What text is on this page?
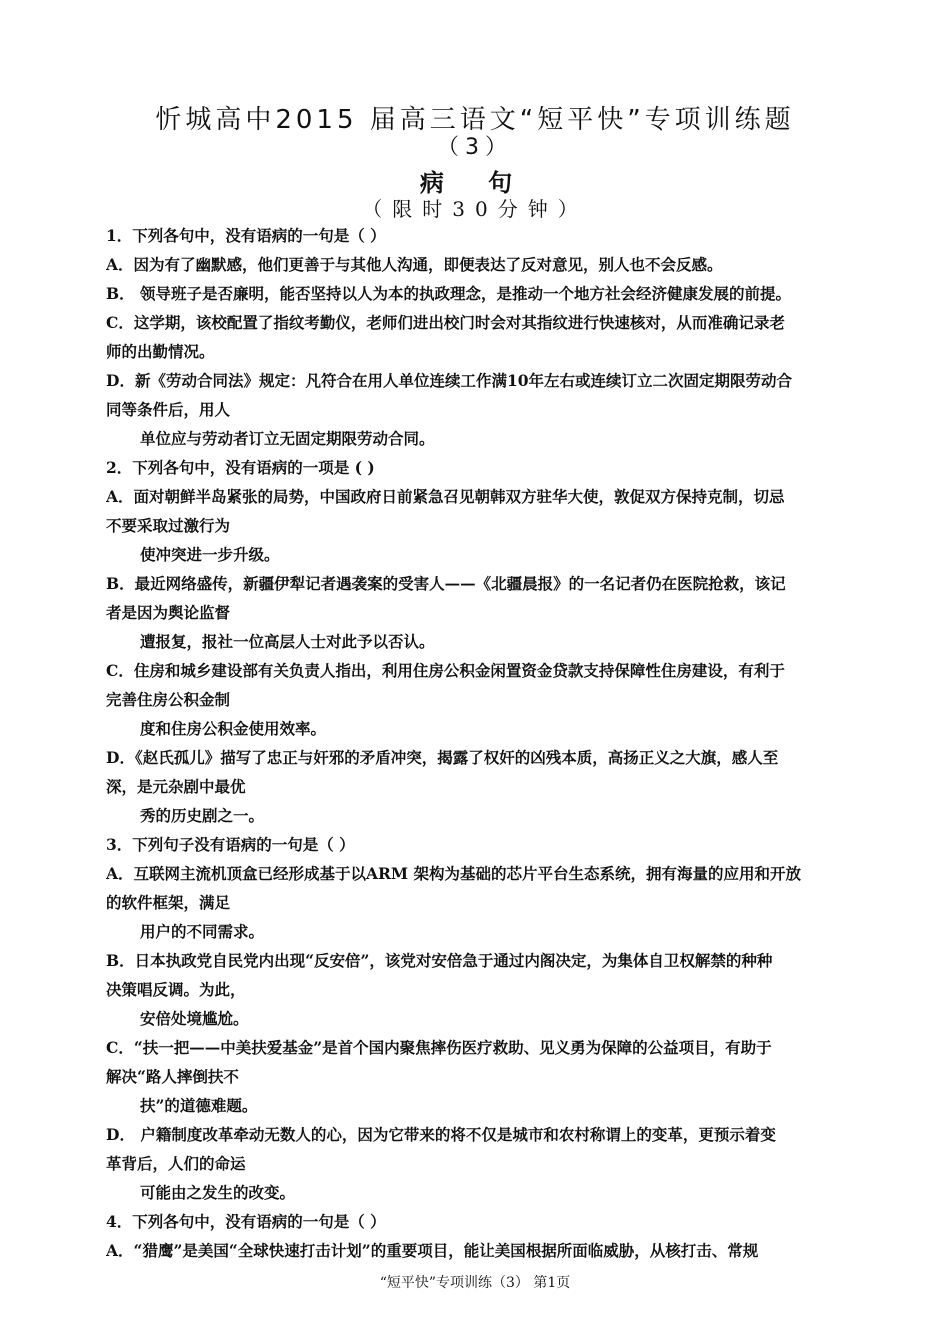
忻城高中2015 届高三语文“短平快”专项训练题
（3）
病 句
（限时30分钟）
1．下列各句中，没有语病的一句是（ ）
A．因为有了幽默感，他们更善于与其他人沟通，即便表达了反对意见，别人也不会反感。
B． 领导班子是否廉明，能否坚持以人为本的执政理念，是推动一个地方社会经济健康发展的前提。
C．这学期，该校配置了指纹考勤仪，老师们进出校门时会对其指纹进行快速核对，从而准确记录老
师的出勤情况。
D．新《劳动合同法》规定：凡符合在用人单位连续工作满10年左右或连续订立二次固定期限劳动合
同等条件后，用人
单位应与劳动者订立无固定期限劳动合同。
2．下列各句中，没有语病的一项是 ( )
A．面对朝鲜半岛紧张的局势，中国政府日前紧急召见朝韩双方驻华大使，敦促双方保持克制，切忌
不要采取过激行为
使冲突进一步升级。
B．最近网络盛传，新疆伊犁记者遇袭案的受害人——《北疆晨报》的一名记者仍在医院抢救，该记
者是因为舆论监督
遭报复，报社一位高层人士对此予以否认。
C．住房和城乡建设部有关负责人指出，利用住房公积金闲置资金贷款支持保障性住房建设，有利于
完善住房公积金制
度和住房公积金使用效率。
D．《赵氏孤儿》描写了忠正与奸邪的矛盾冲突，揭露了权奸的凶残本质，高扬正义之大旗，感人至
深，是元杂剧中最优
秀的历史剧之一。
3．下列句子没有语病的一句是（ ）
A．互联网主流机顶盒已经形成基于以ARM 架构为基础的芯片平台生态系统，拥有海量的应用和开放
的软件框架，满足
用户的不同需求。
B．日本执政党自民党内出现“反安倍”，该党对安倍急于通过内阁决定，为集体自卫权解禁的种种
决策唱反调。为此，
安倍处境尴尬。
C．“扶一把——中美扶爱基金”是首个国内聚焦摔伤医疗救助、见义勇为保障的公益项目，有助于
解决“路人摔倒扶不
扶”的道德难题。
D． 户籍制度改革牵动无数人的心，因为它带来的将不仅是城市和农村称谓上的变革，更预示着变
革背后，人们的命运
可能由之发生的改变。
4．下列各句中，没有语病的一句是（ ）
A．“猎鹰”是美国“全球快速打击计划”的重要项目，能让美国根据所面临威胁，从核打击、常规
“短平快”专项训练（3） 第1页
